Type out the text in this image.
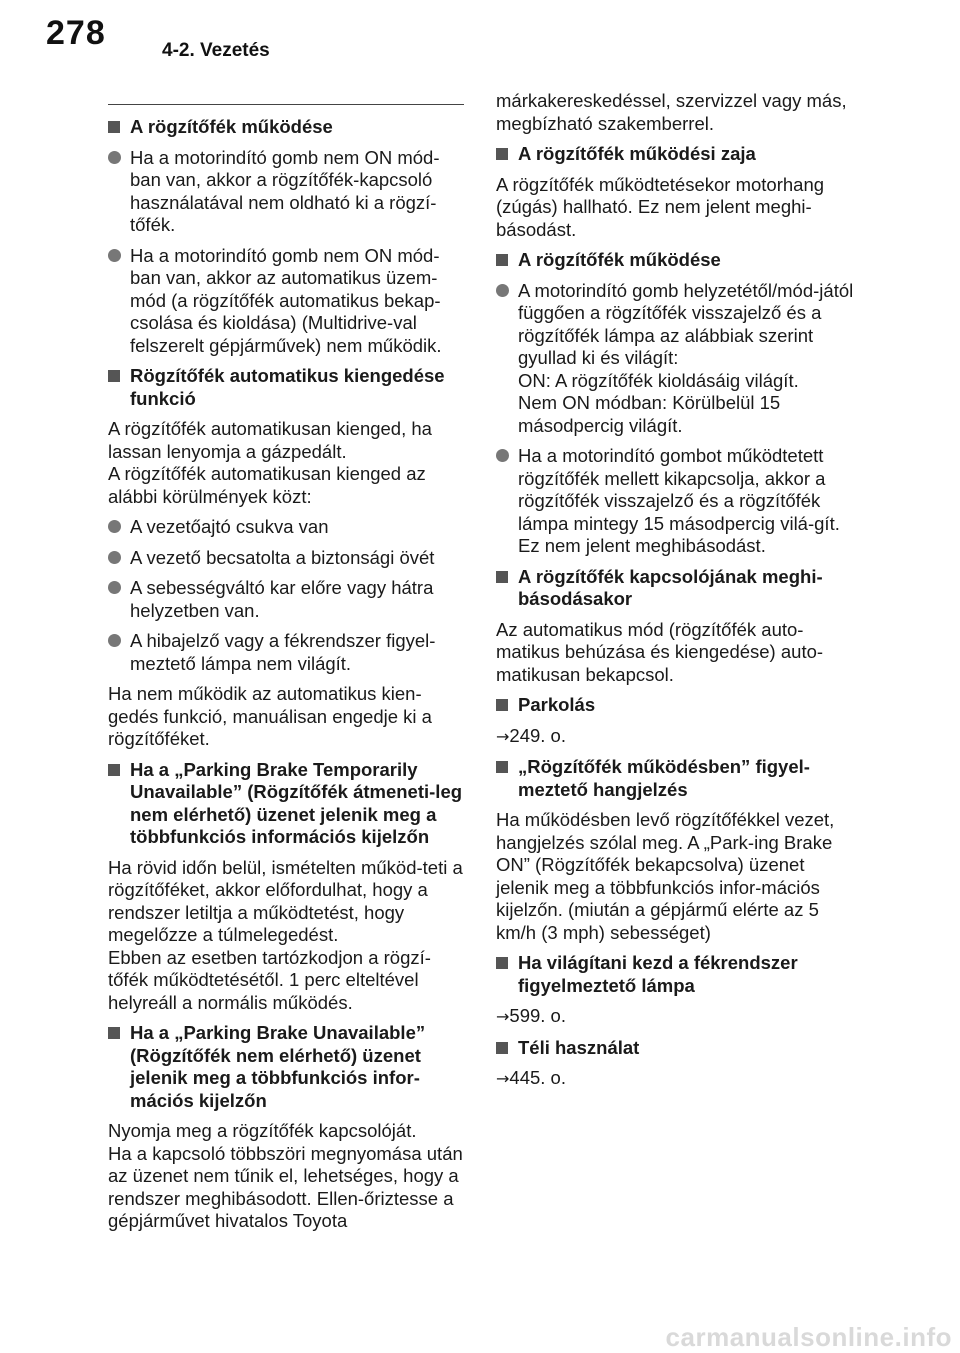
278	4-2. Vezetés
A rögzítőfék működése
Ha a motorindító gomb nem ON mód-ban van, akkor a rögzítőfék-kapcsoló használatával nem oldható ki a rögzí-tőfék.
Ha a motorindító gomb nem ON mód-ban van, akkor az automatikus üzem-mód (a rögzítőfék automatikus bekap-csolása és kioldása) (Multidrive-val felszerelt gépjárművek) nem működik.
Rögzítőfék automatikus kiengedése funkció
A rögzítőfék automatikusan kienged, ha lassan lenyomja a gázpedált.
A rögzítőfék automatikusan kienged az alábbi körülmények közt:
A vezetőajtó csukva van
A vezető becsatolta a biztonsági övét
A sebességváltó kar előre vagy hátra helyzetben van.
A hibajelző vagy a fékrendszer figyel-meztető lámpa nem világít.
Ha nem működik az automatikus kien-gedés funkció, manuálisan engedje ki a rögzítőféket.
Ha a „Parking Brake Temporarily Unavailable” (Rögzítőfék átmeneti-leg nem elérhető) üzenet jelenik meg a többfunkciós információs kijelzőn
Ha rövid időn belül, ismételten működ-teti a rögzítőféket, akkor előfordulhat, hogy a rendszer letiltja a működtetést, hogy megelőzze a túlmelegedést.
Ebben az esetben tartózkodjon a rögzí-tőfék működtetésétől. 1 perc elteltével helyreáll a normális működés.
Ha a „Parking Brake Unavailable” (Rögzítőfék nem elérhető) üzenet jelenik meg a többfunkciós infor-mációs kijelzőn
Nyomja meg a rögzítőfék kapcsolóját.
Ha a kapcsoló többszöri megnyomása után az üzenet nem tűnik el, lehetséges, hogy a rendszer meghibásodott. Ellen-őriztesse a gépjárművet hivatalos Toyota
márkakereskedéssel, szervizzel vagy más, megbízható szakemberrel.
A rögzítőfék működési zaja
A rögzítőfék működtetésekor motorhang (zúgás) hallható. Ez nem jelent meghi-básodást.
A rögzítőfék működése
A motorindító gomb helyzetétől/mód-jától függően a rögzítőfék visszajelző és a rögzítőfék lámpa az alábbiak szerint gyullad ki és világít:
ON: A rögzítőfék kioldásáig világít.
Nem ON módban: Körülbelül 15 másodpercig világít.
Ha a motorindító gombot működtetett rögzítőfék mellett kikapcsolja, akkor a rögzítőfék visszajelző és a rögzítőfék lámpa mintegy 15 másodpercig vilá-gít. Ez nem jelent meghibásodást.
A rögzítőfék kapcsolójának meghi-básodásakor
Az automatikus mód (rögzítőfék auto-matikus behúzása és kiengedése) auto-matikusan bekapcsol.
Parkolás
→249. o.
„Rögzítőfék működésben” figyel-meztető hangjelzés
Ha működésben levő rögzítőfékkel vezet, hangjelzés szólal meg. A „Park-ing Brake ON” (Rögzítőfék bekapcsolva) üzenet jelenik meg a többfunkciós infor-mációs kijelzőn. (miután a gépjármű elérte az 5 km/h (3 mph) sebességet)
Ha világítani kezd a fékrendszer figyelmeztető lámpa
→599. o.
Téli használat
→445. o.
carmanualsonline.info
